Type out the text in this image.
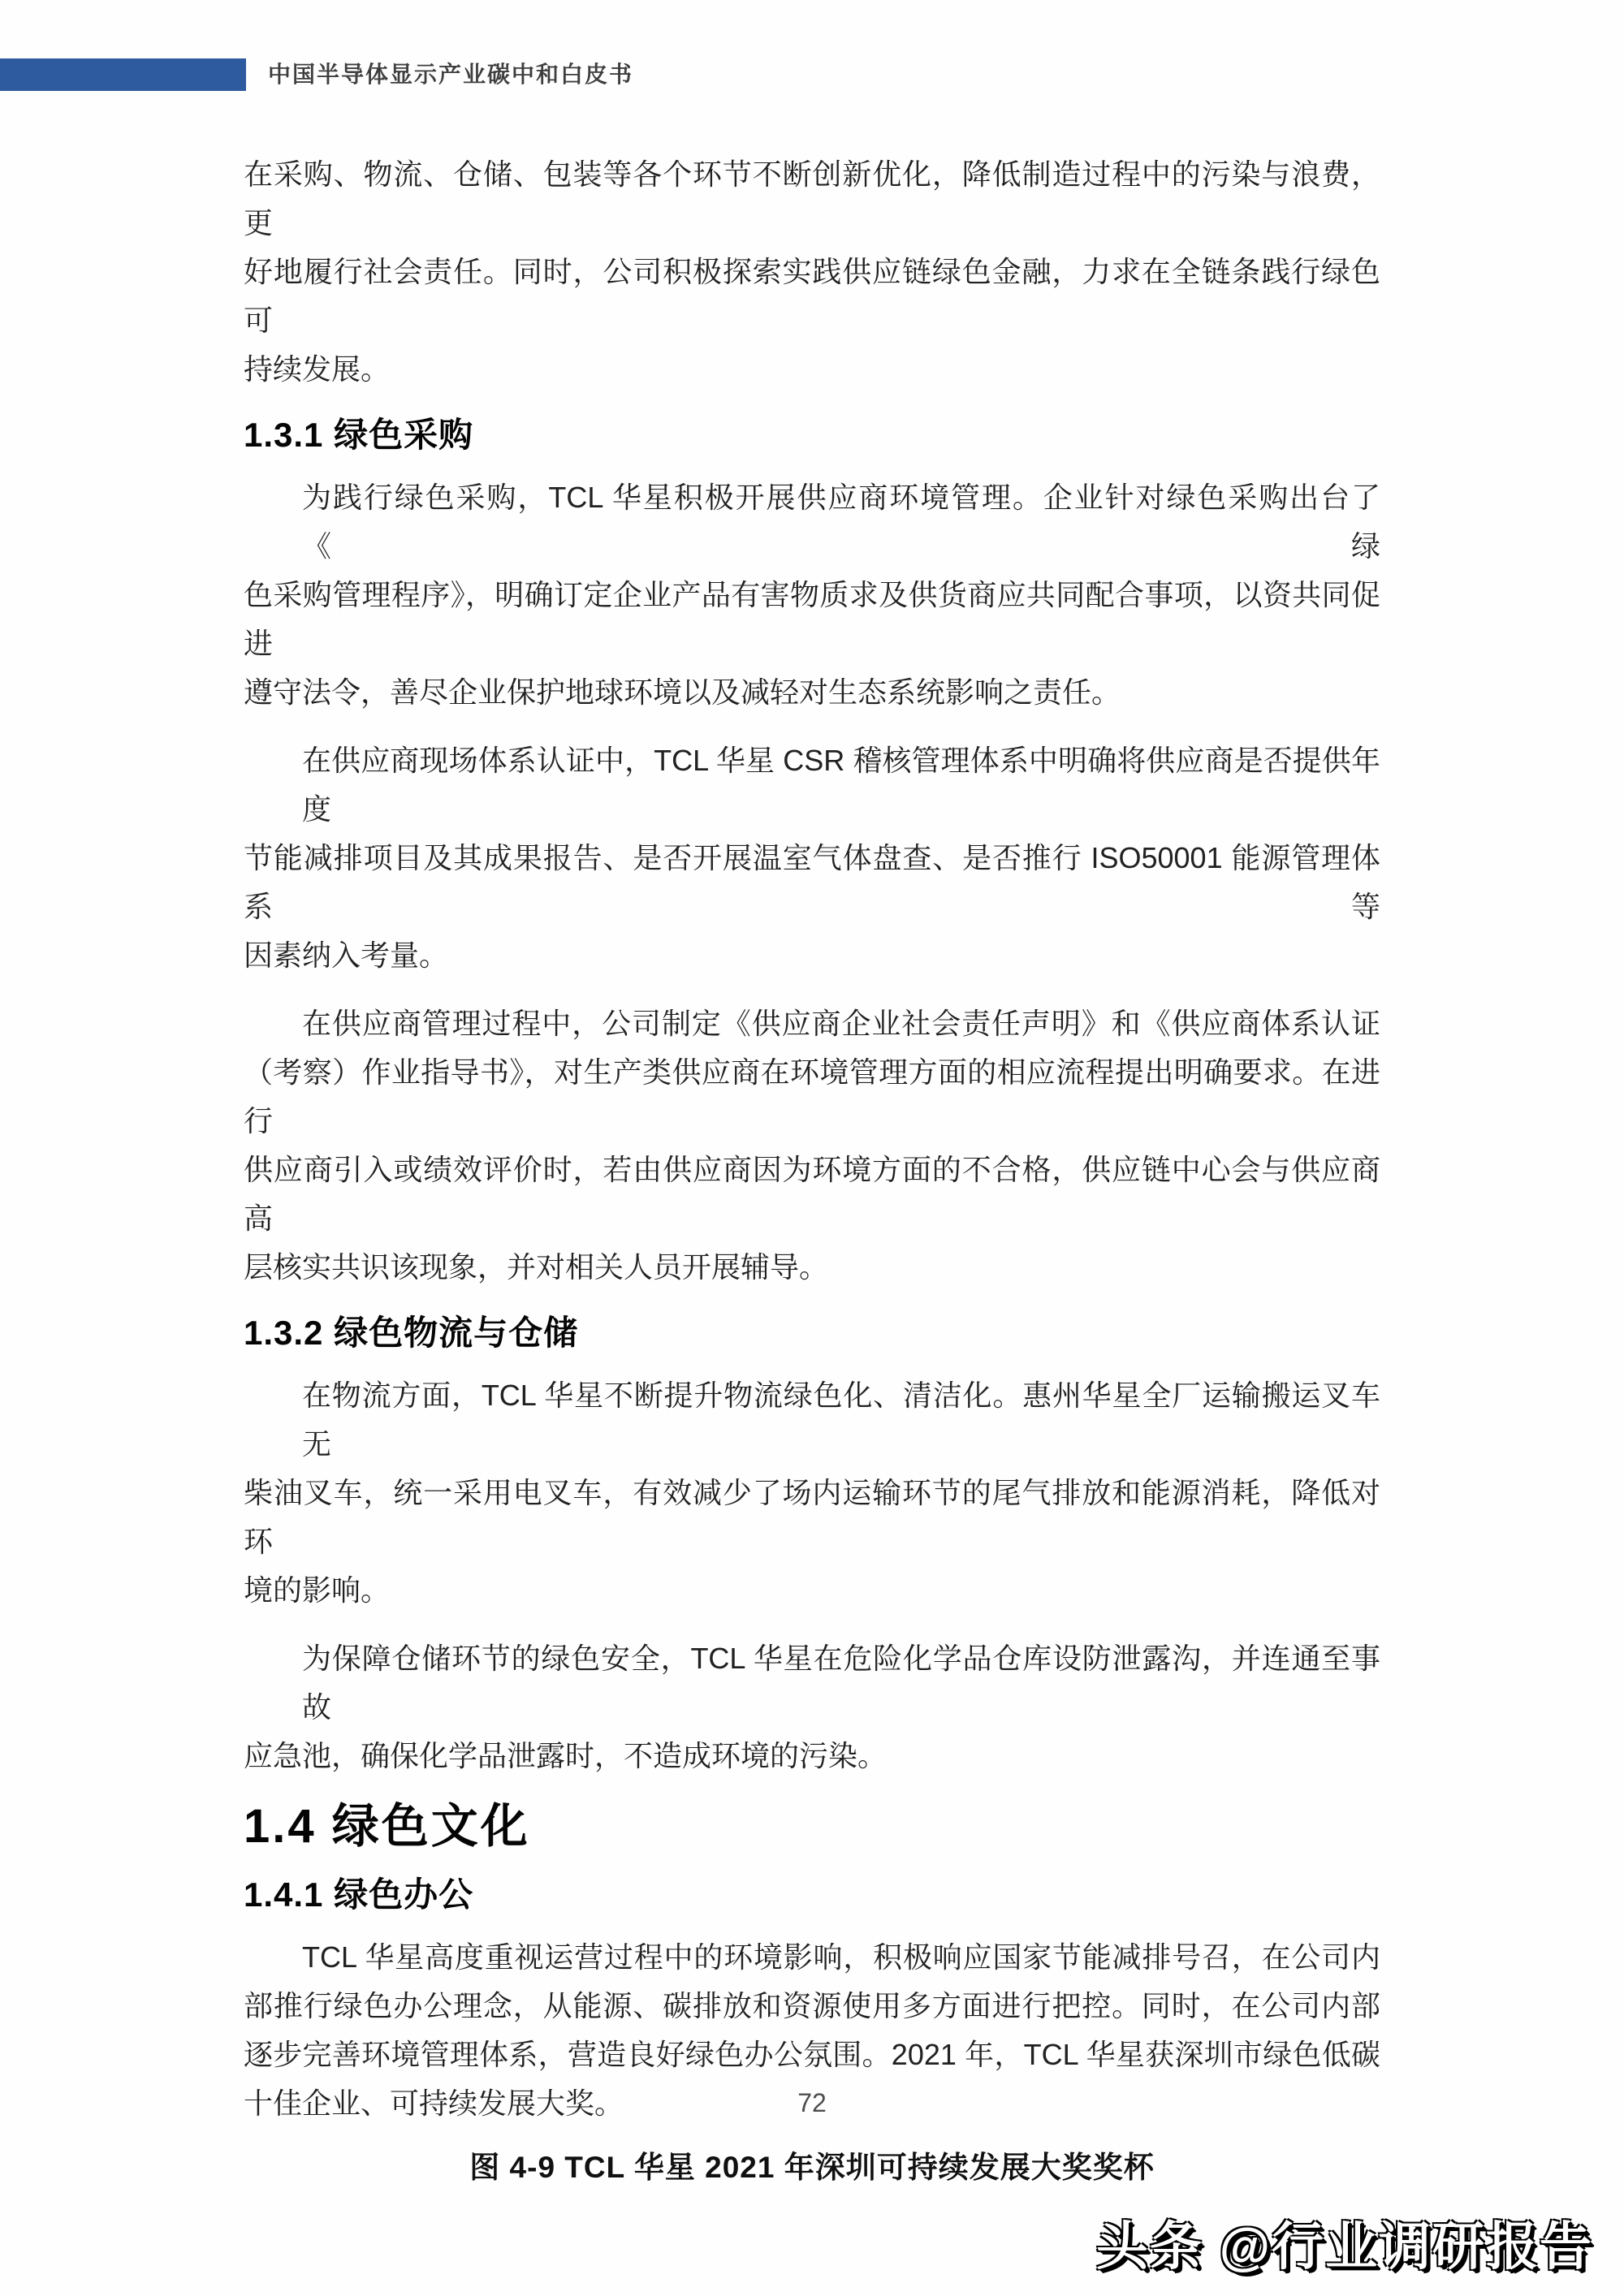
中国半导体显示产业碳中和白皮书
在采购、物流、仓储、包装等各个环节不断创新优化，降低制造过程中的污染与浪费，更
好地履行社会责任。同时，公司积极探索实践供应链绿色金融，力求在全链条践行绿色可
持续发展。
1.3.1 绿色采购
为践行绿色采购，TCL 华星积极开展供应商环境管理。企业针对绿色采购出台了《绿
色采购管理程序》，明确订定企业产品有害物质求及供货商应共同配合事项，以资共同促进
遵守法令，善尽企业保护地球环境以及减轻对生态系统影响之责任。
在供应商现场体系认证中，TCL 华星 CSR 稽核管理体系中明确将供应商是否提供年度
节能减排项目及其成果报告、是否开展温室气体盘查、是否推行 ISO50001 能源管理体系等
因素纳入考量。
在供应商管理过程中，公司制定《供应商企业社会责任声明》和《供应商体系认证
（考察）作业指导书》，对生产类供应商在环境管理方面的相应流程提出明确要求。在进行
供应商引入或绩效评价时，若由供应商因为环境方面的不合格，供应链中心会与供应商高
层核实共识该现象，并对相关人员开展辅导。
1.3.2 绿色物流与仓储
在物流方面，TCL 华星不断提升物流绿色化、清洁化。惠州华星全厂运输搬运叉车无
柴油叉车，统一采用电叉车，有效减少了场内运输环节的尾气排放和能源消耗，降低对环
境的影响。
为保障仓储环节的绿色安全，TCL 华星在危险化学品仓库设防泄露沟，并连通至事故
应急池，确保化学品泄露时，不造成环境的污染。
1.4 绿色文化
1.4.1 绿色办公
TCL 华星高度重视运营过程中的环境影响，积极响应国家节能减排号召，在公司内
部推行绿色办公理念，从能源、碳排放和资源使用多方面进行把控。同时，在公司内部
逐步完善环境管理体系，营造良好绿色办公氛围。2021 年，TCL 华星获深圳市绿色低碳
十佳企业、可持续发展大奖。
图 4-9 TCL 华星 2021 年深圳可持续发展大奖奖杯
72
头条 @行业调研报告
